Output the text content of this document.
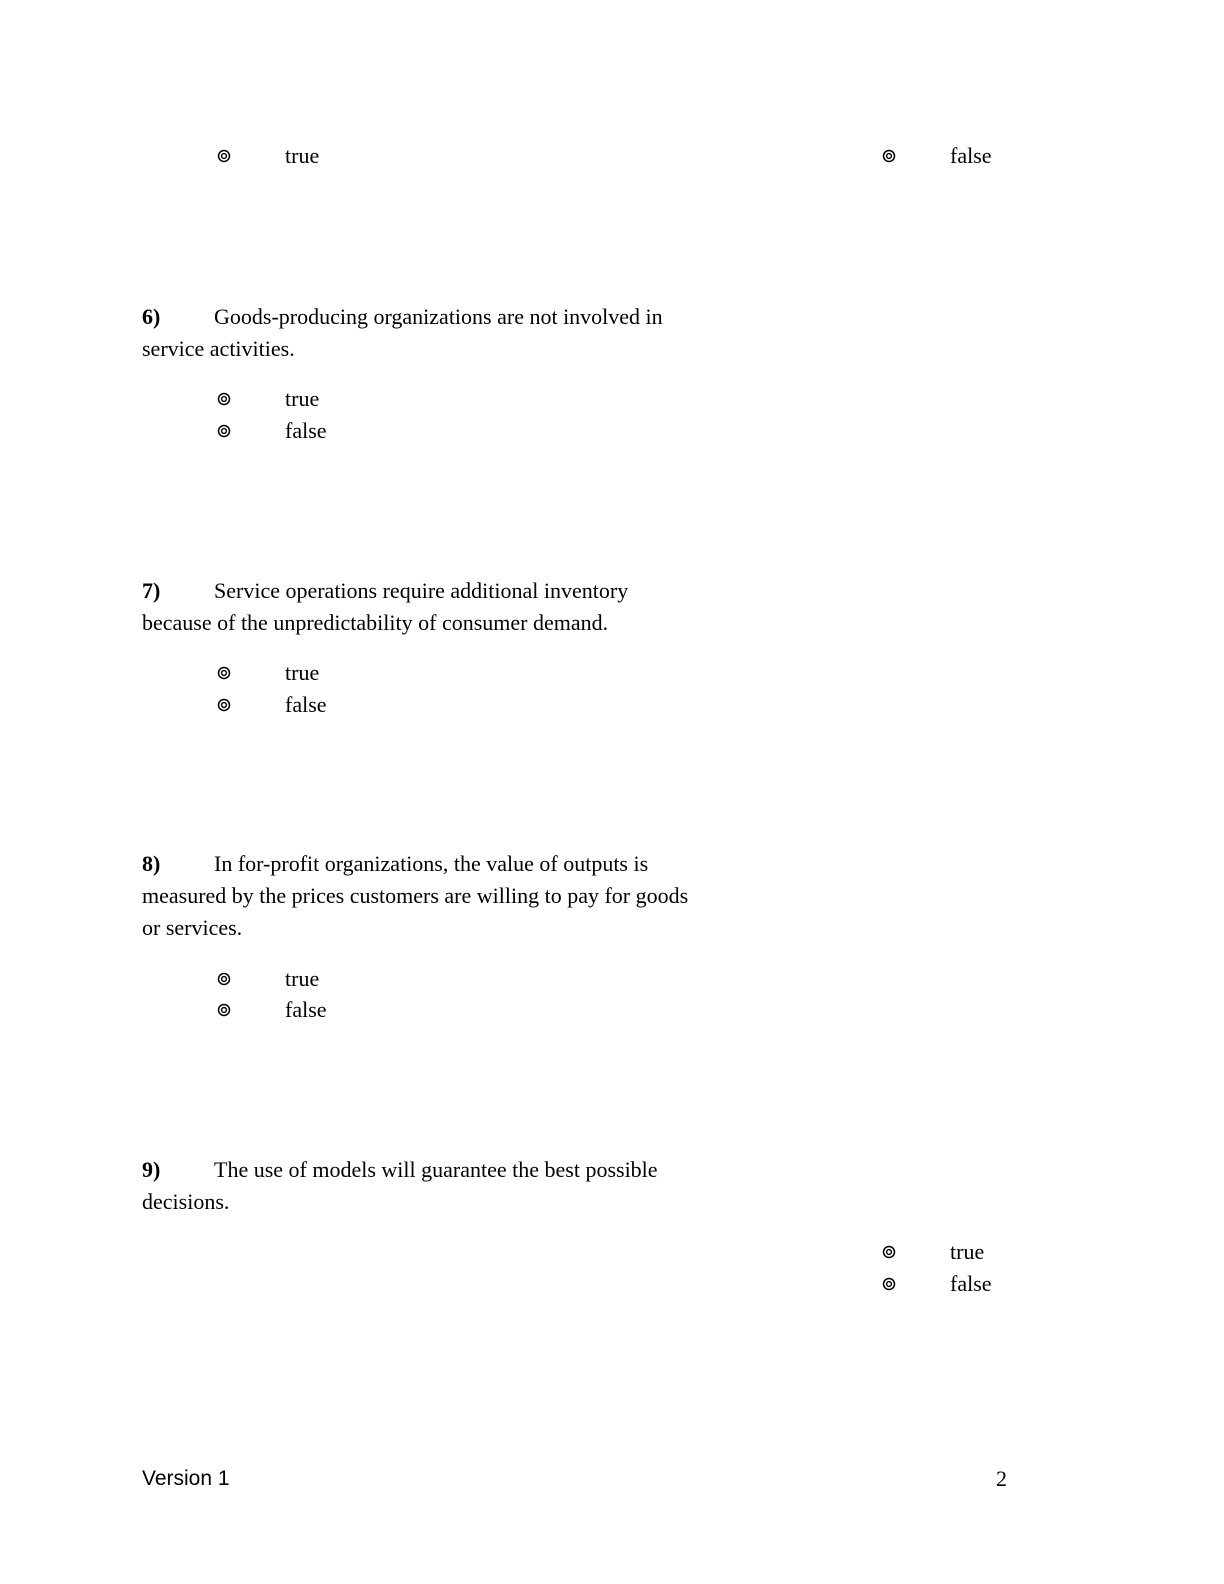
true	false
6) Goods-producing organizations are not involved in
service activities.
true
false
7) Service operations require additional inventory
because of the unpredictability of consumer demand.
true
false
8) In for-profit organizations, the value of outputs is
measured by the prices customers are willing to pay for goods
or services.
true
false
9) The use of models will guarantee the best possible
decisions.
true
false
Version 1	2
